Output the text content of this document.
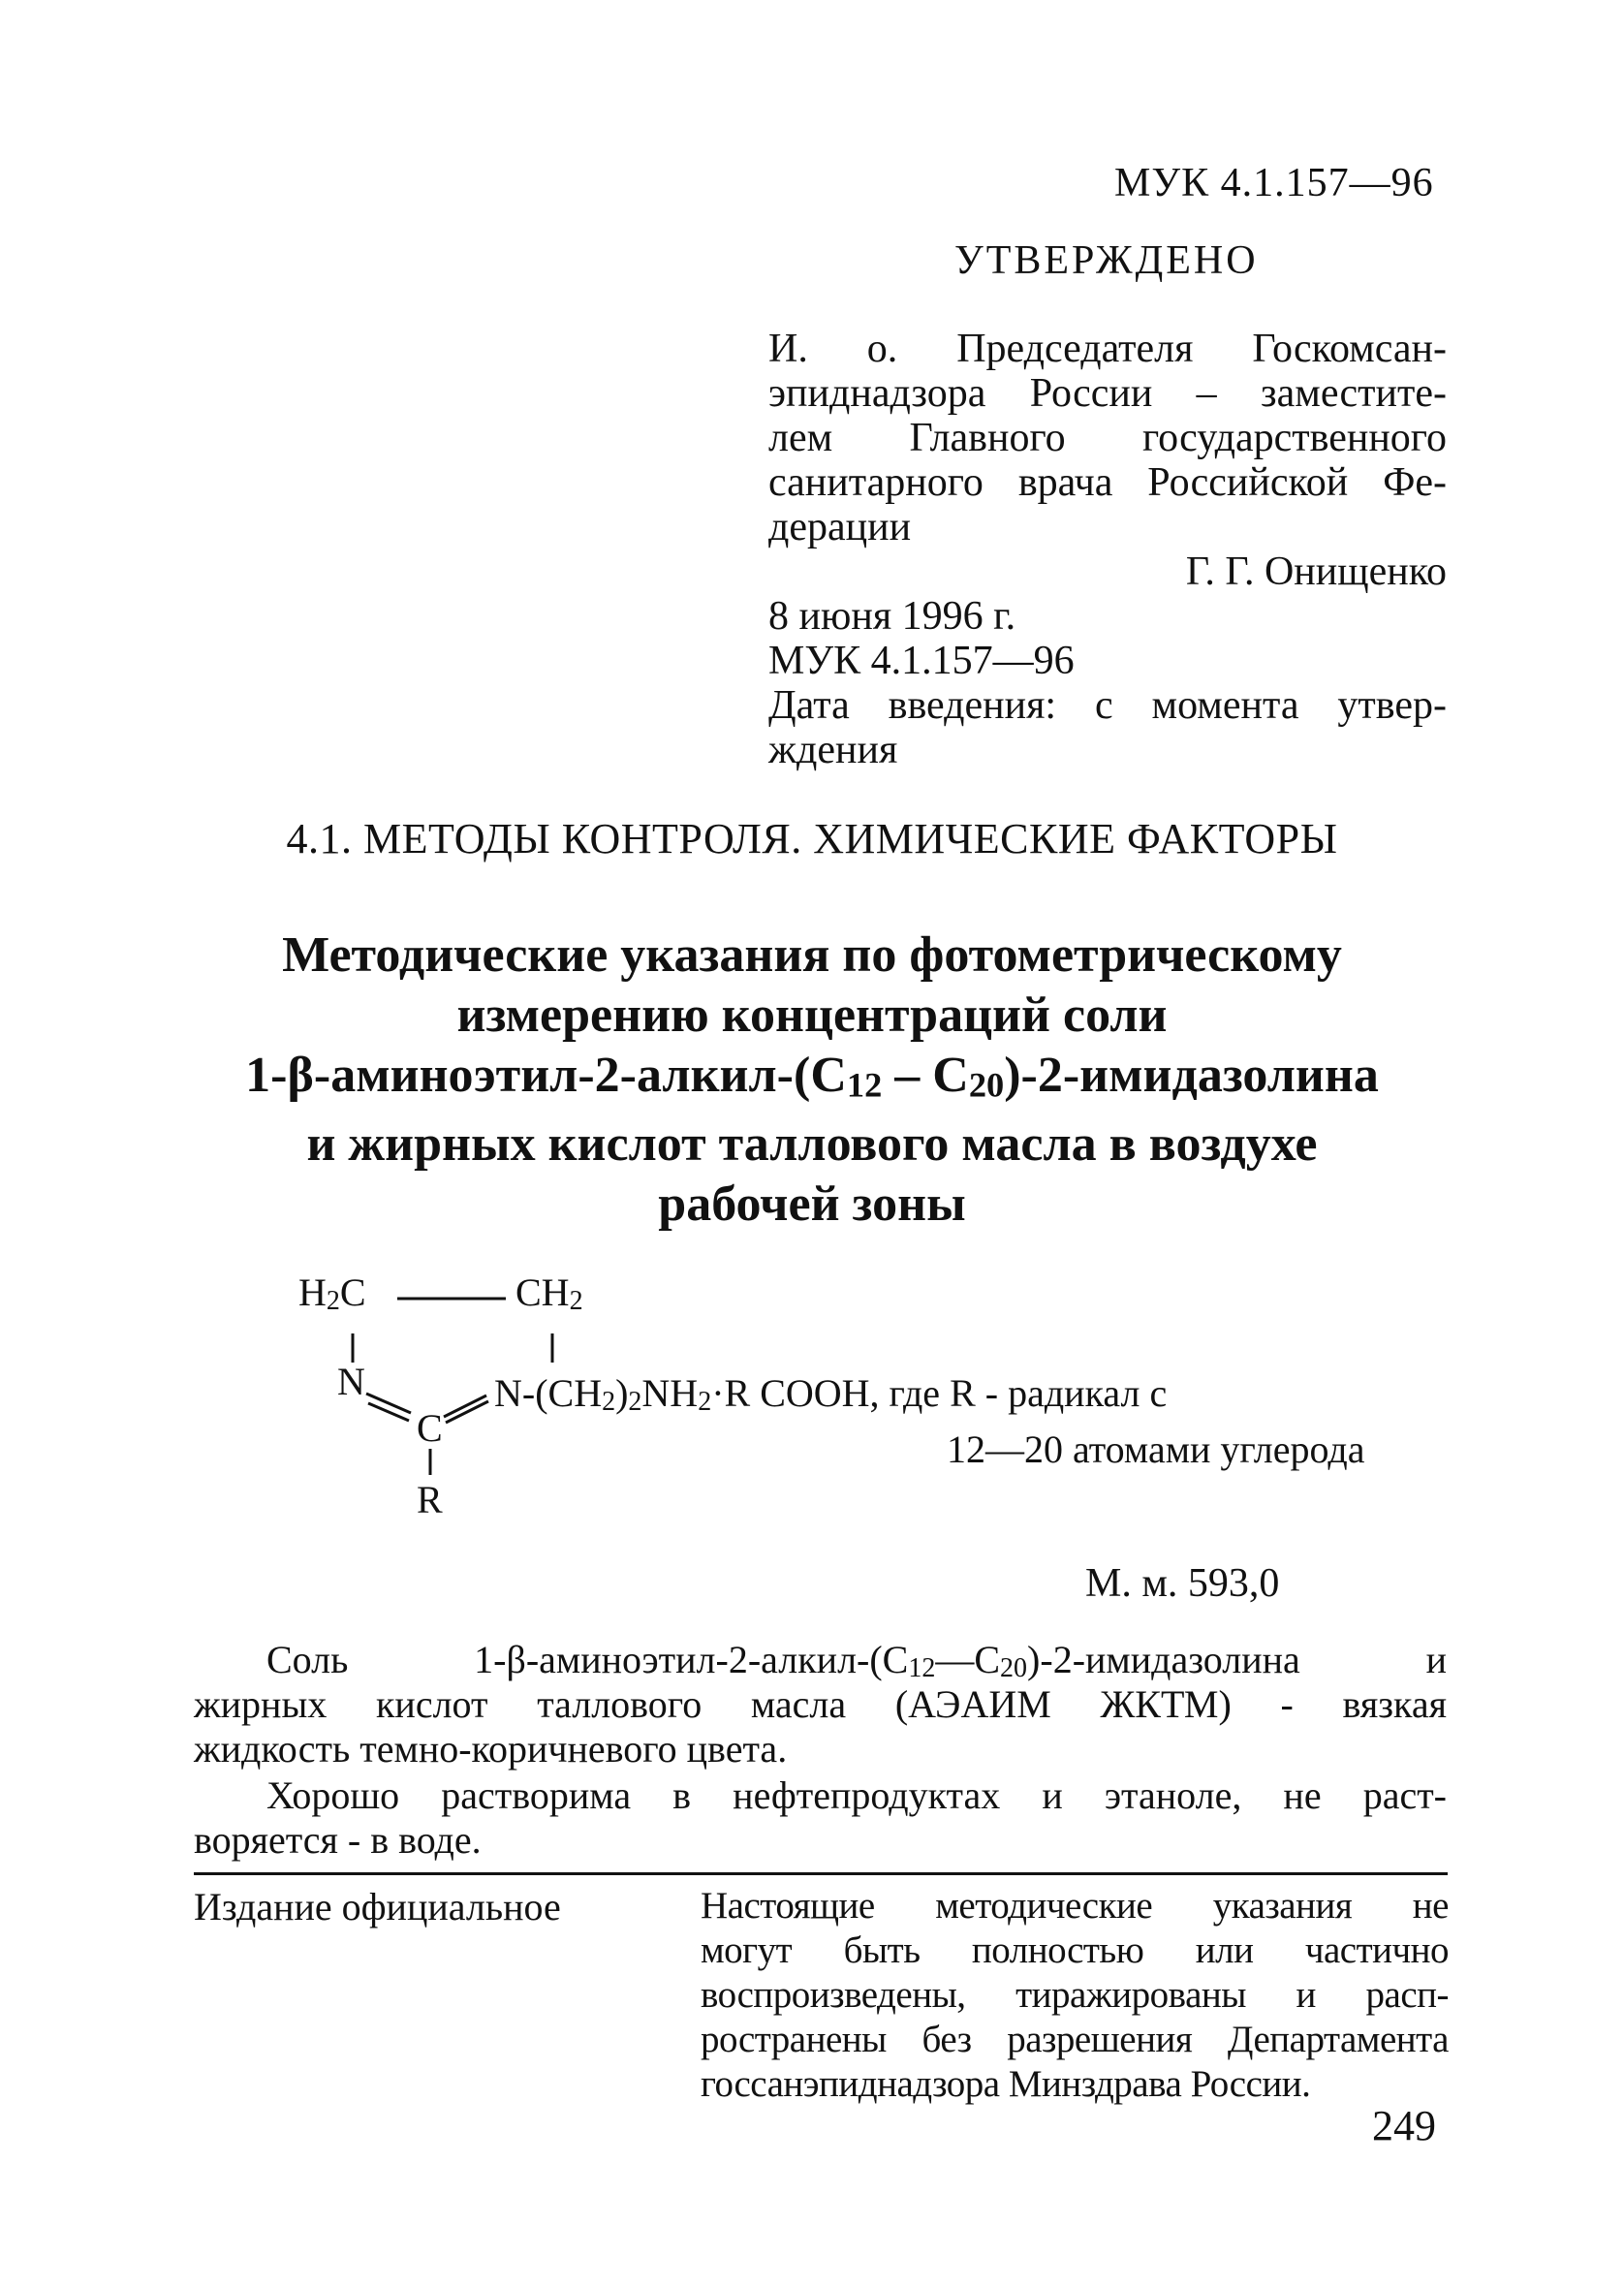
МУК 4.1.157—96
УТВЕРЖДЕНО
И. о. Председателя Госкомсан-
эпиднадзора России – заместите-
лем Главного государственного
санитарного врача Российской Фе-
дерации
Г. Г. Онищенко
8 июня 1996 г.
МУК 4.1.157—96
Дата введения: с момента утвер-
ждения
4.1. МЕТОДЫ КОНТРОЛЯ. ХИМИЧЕСКИЕ ФАКТОРЫ
Методические указания по фотометрическому
измерению концентраций соли
$1-\beta-аминоэтил-2-алкил-(C_{12}$ – $C_{20})-2$-имидазолина
и жирных кислот таллового масла в воздухе
рабочей зоны
$H_2C$	$CH_2$
N
C
R
$N-(CH_2)_2NH_2\cdot R$ COOH, где R - радикал с
12—20 атомами углерода
М. м. 593,0
Соль $1-\beta-аминоэтил-2-алкил-(C_{12}—C_{20})-2$-имидазолина и
жирных кислот таллового масла (АЭАИМ ЖКТМ) - вязкая
жидкость темно-коричневого цвета.
Хорошо растворима в нефтепродуктах и этаноле, не раст-
воряется - в воде.
Издание официальное	Настоящие методические указания не
могут быть полностью или частично
воспроизведены, тиражированы и расп-
ространены без разрешения Департамента
госсанэпиднадзора Минздрава России.
249
